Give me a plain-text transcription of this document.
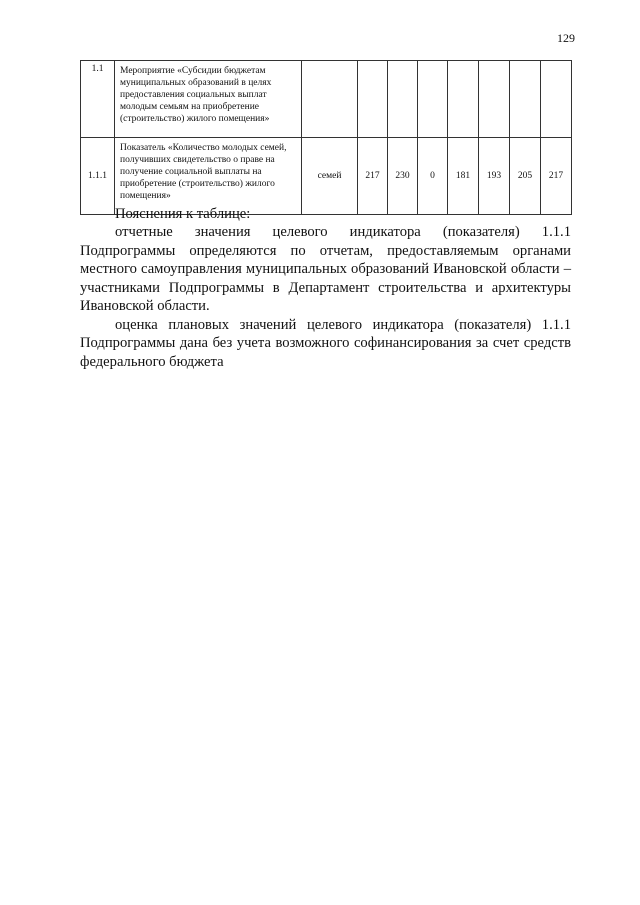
129
1.1	Мероприятие «Субсидии бюджетам муниципальных образований в целях предоставления социальных выплат молодым семьям на приобретение (строительство) жилого помещения»								
1.1.1	Показатель «Количество молодых семей, получивших свидетельство о праве на получение социальной выплаты на приобретение (строительство) жилого помещения»	семей	217	230	0	181	193	205	217
Пояснения к таблице:

отчетные значения целевого индикатора (показателя) 1.1.1 Подпрограммы определяются по отчетам, предоставляемым органами местного самоуправления муниципальных образований Ивановской области – участниками Подпрограммы в Департамент строительства и архитектуры Ивановской области.

оценка плановых значений целевого индикатора (показателя) 1.1.1 Подпрограммы дана без учета возможного софинансирования за счет средств федерального бюджета
